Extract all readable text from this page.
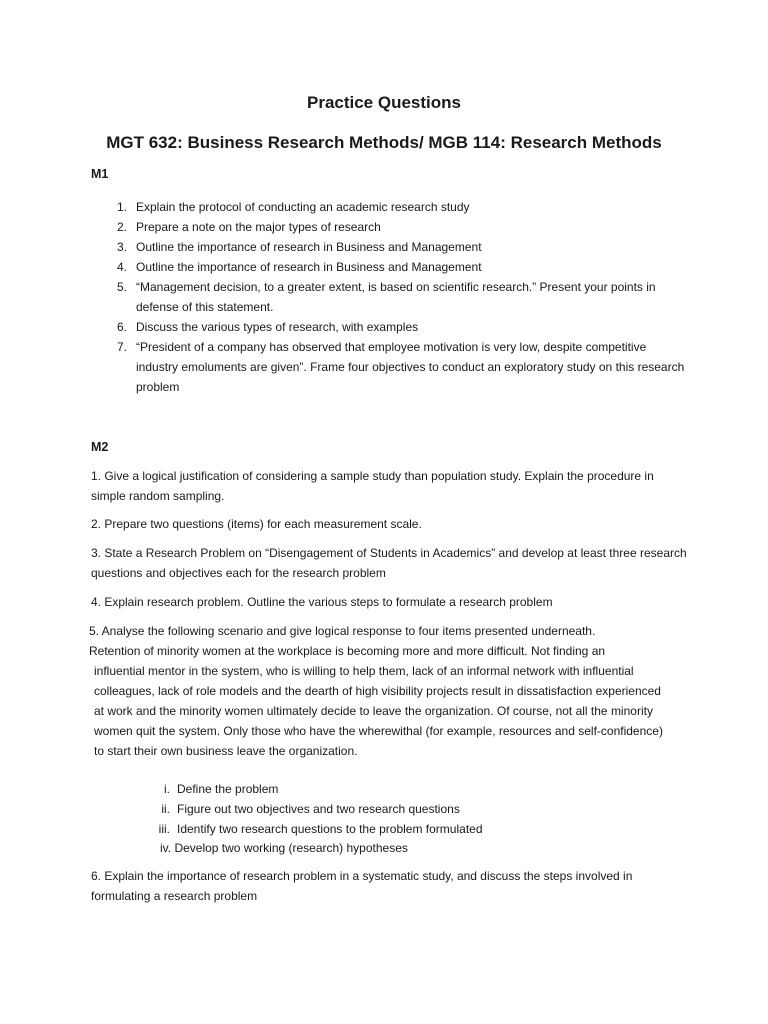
Practice Questions
MGT 632: Business Research Methods/ MGB 114: Research Methods

M1

1. Explain the protocol of conducting an academic research study
2. Prepare a note on the major types of research
3. Outline the importance of research in Business and Management
4. Outline the importance of research in Business and Management
5. “Management decision, to a greater extent, is based on scientific research.” Present your points in defense of this statement.
6. Discuss the various types of research, with examples
7. “President of a company has observed that employee motivation is very low, despite competitive industry emoluments are given”. Frame four objectives to conduct an exploratory study on this research problem

M2

1. Give a logical justification of considering a sample study than population study. Explain the procedure in simple random sampling.

2. Prepare two questions (items) for each measurement scale.

3. State a Research Problem on “Disengagement of Students in Academics” and develop at least three research questions and objectives each for the research problem

4. Explain research problem. Outline the various steps to formulate a research problem

5. Analyse the following scenario and give logical response to four items presented underneath.

Retention of minority women at the workplace is becoming more and more difficult. Not finding an

influential mentor in the system, who is willing to help them, lack of an informal network with influential colleagues, lack of role models and the dearth of high visibility projects result in dissatisfaction experienced at work and the minority women ultimately decide to leave the organization. Of course, not all the minority women quit the system. Only those who have the wherewithal (for example, resources and self-confidence) to start their own business leave the organization.

i. Define the problem
ii. Figure out two objectives and two research questions
iii. Identify two research questions to the problem formulated

iv. Develop two working (research) hypotheses

6. Explain the importance of research problem in a systematic study, and discuss the steps involved in formulating a research problem
